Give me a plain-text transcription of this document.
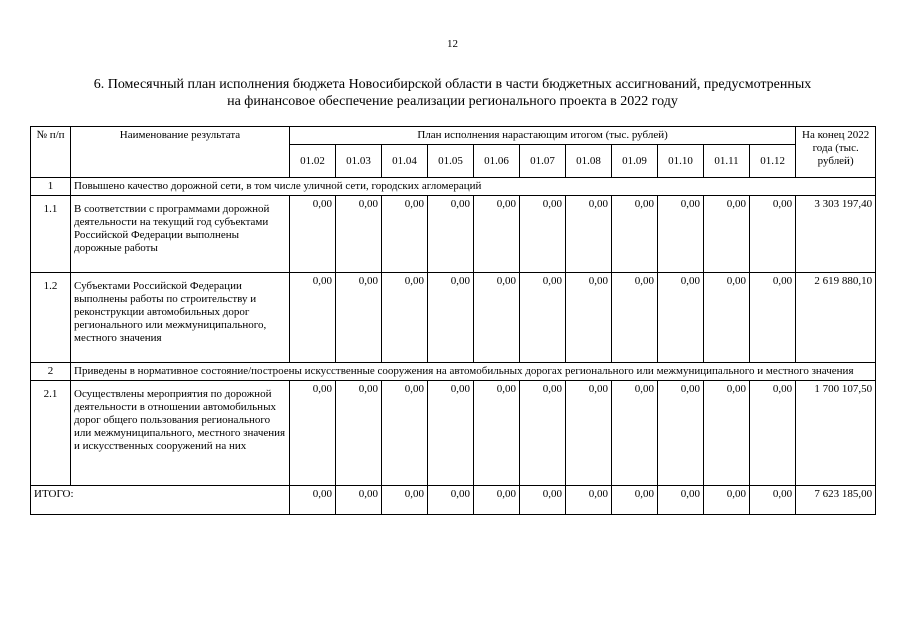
12
6. Помесячный план исполнения бюджета Новосибирской области в части бюджетных ассигнований, предусмотренных
на финансовое обеспечение реализации регионального проекта в 2022 году
№ п/п	Наименование результата	План исполнения нарастающим итогом (тыс. рублей)											На конец 2022 года (тыс. рублей)
		01.02	01.03	01.04	01.05	01.06	01.07	01.08	01.09	01.10	01.11	01.12	
1	Повышено качество дорожной сети, в том числе уличной сети, городских агломераций												

1.1	В соответствии с программами дорожной деятельности на текущий год субъектами Российской Федерации выполнены дорожные работы	0,00	0,00	0,00	0,00	0,00	0,00	0,00	0,00	0,00	0,00	0,00	3 303 197,40

1.2	Субъектами Российской Федерации выполнены работы по строительству и реконструкции автомобильных дорог регионального или межмуниципального, местного значения	0,00	0,00	0,00	0,00	0,00	0,00	0,00	0,00	0,00	0,00	0,00	2 619 880,10
2	Приведены в нормативное состояние/построены искусственные сооружения на автомобильных дорогах регионального или межмуниципального и местного значения												

2.1	Осуществлены мероприятия по дорожной деятельности в отношении автомобильных дорог общего пользования регионального или межмуниципального, местного значения и искусственных сооружений на них	0,00	0,00	0,00	0,00	0,00	0,00	0,00	0,00	0,00	0,00	0,00	1 700 107,50
ИТОГО:		0,00	0,00	0,00	0,00	0,00	0,00	0,00	0,00	0,00	0,00	0,00	7 623 185,00
